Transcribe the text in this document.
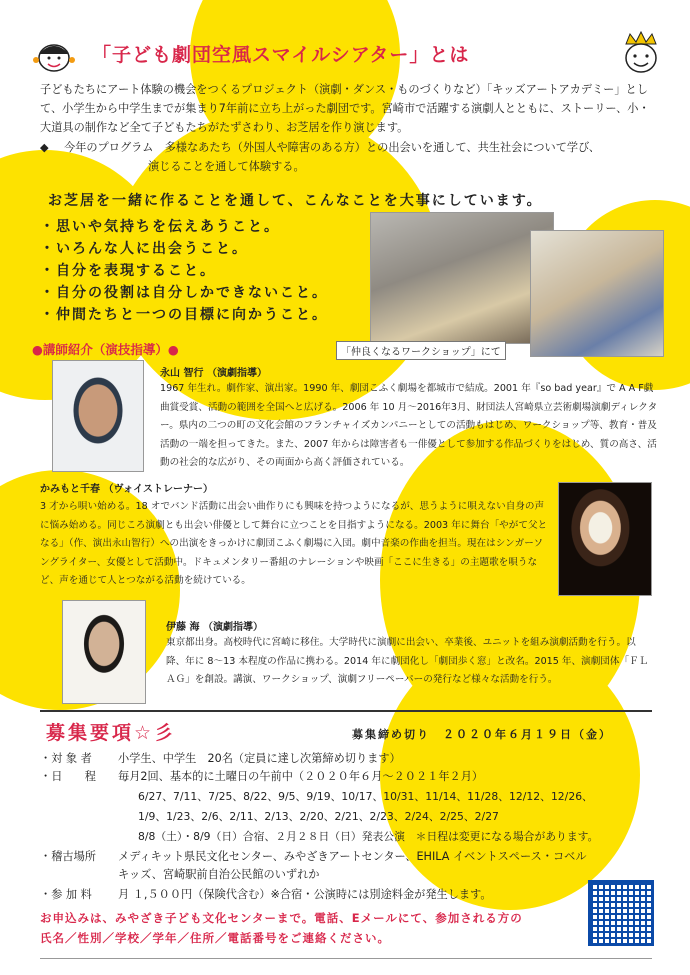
「子ども劇団空風スマイルシアター」とは
子どもたちにアート体験の機会をつくるプロジェクト（演劇・ダンス・ものづくりなど）「キッズアートアカデミー」として、小学生から中学生までが集まり7年前に立ち上がった劇団です。宮崎市で活躍する演劇人とともに、ストーリー、小・大道具の制作など全て子どもたちがたずさわり、お芝居を作り演じます。
◆ 今年のプログラム　多様なあたち（外国人や障害のある方）との出会いを通して、共生社会について学び、
演じることを通して体験する。
お芝居を一緒に作ることを通して、こんなことを大事にしています。
・思いや気持ちを伝えあうこと。
・いろんな人に出会うこと。
・自分を表現すること。
・自分の役割は自分しかできないこと。
・仲間たちと一つの目標に向かうこと。
「仲良くなるワークショップ」にて
●講師紹介（演技指導）●
永山 智行 （演劇指導）
1967 年生れ。劇作家、演出家。1990 年、劇団こふく劇場を都城市で結成。2001 年『so bad year』で A A F戯曲賞受賞、活動の範囲を全国へと広げる。2006 年 10 月～2016年3月、財団法人宮崎県立芸術劇場演劇ディレクター。県内の二つの町の文化会館のフランチャイズカンパニーとしての活動もはじめ、ワークショップ等、教育・普及活動の一端を担ってきた。また、2007 年からは障害者も一俳優として参加する作品づくりをはじめ、質の高さ、活動の社会的な広がり、その両面から高く評価されている。
かみもと千春 （ヴォイストレーナー）
3 才から唄い始める。18 オでバンド活動に出会い曲作りにも興味を持つようになるが、思うように唄えない自身の声に悩み始める。同じころ演劇とも出会い俳優として舞台に立つことを目指すようになる。2003 年に舞台「やがて父となる」（作、演出永山智行）への出演をきっかけに劇団こふく劇場に入団。劇中音楽の作曲を担当。現在はシンガーソングライター、女優として活動中。ドキュメンタリー番組のナレーションや映画「ここに生きる」の主題歌を唄うなど、声を通じて人とつながる活動を続けている。
伊藤 海 （演劇指導）
東京都出身。高校時代に宮崎に移住。大学時代に演劇に出会い、卒業後、ユニットを組み演劇活動を行う。以降、年に 8～13 本程度の作品に携わる。2014 年に劇団化し「劇団歩く窓」と改名。2015 年、演劇団体「ＦＬＡＧ」を創設。講演、ワークショップ、演劇フリーペーパーの発行など様々な活動を行う。
募集要項☆彡	募集締め切り　２０２０年６月１９日（金）
・対 象 者 小学生、中学生　20名（定員に達し次第締め切ります）
・日　　程 毎月2回、基本的に土曜日の午前中（２０２０年６月～２０２１年２月）
6/27、7/11、7/25、8/22、9/5、9/19、10/17、10/31、11/14、11/28、12/12、12/26、
1/9、1/23、2/6、2/11、2/13、2/20、2/21、2/23、2/24、2/25、2/27
8/8（土）・8/9（日）合宿、２月２８日（日）発表公演　＊日程は変更になる場合があります。
・稽古場所 メディキット県民文化センター、みやざきアートセンター、EHILA イベントスペース・コベル
キッズ、宮崎駅前自治公民館のいずれか
・参 加 料 月 １,５００円（保険代含む）※合宿・公演時には別途料金が発生します。
お申込みは、みやざき子ども文化センターまで。電話、Eメールにて、参加される方の
氏名／性別／学校／学年／住所／電話番号をご連絡ください。
